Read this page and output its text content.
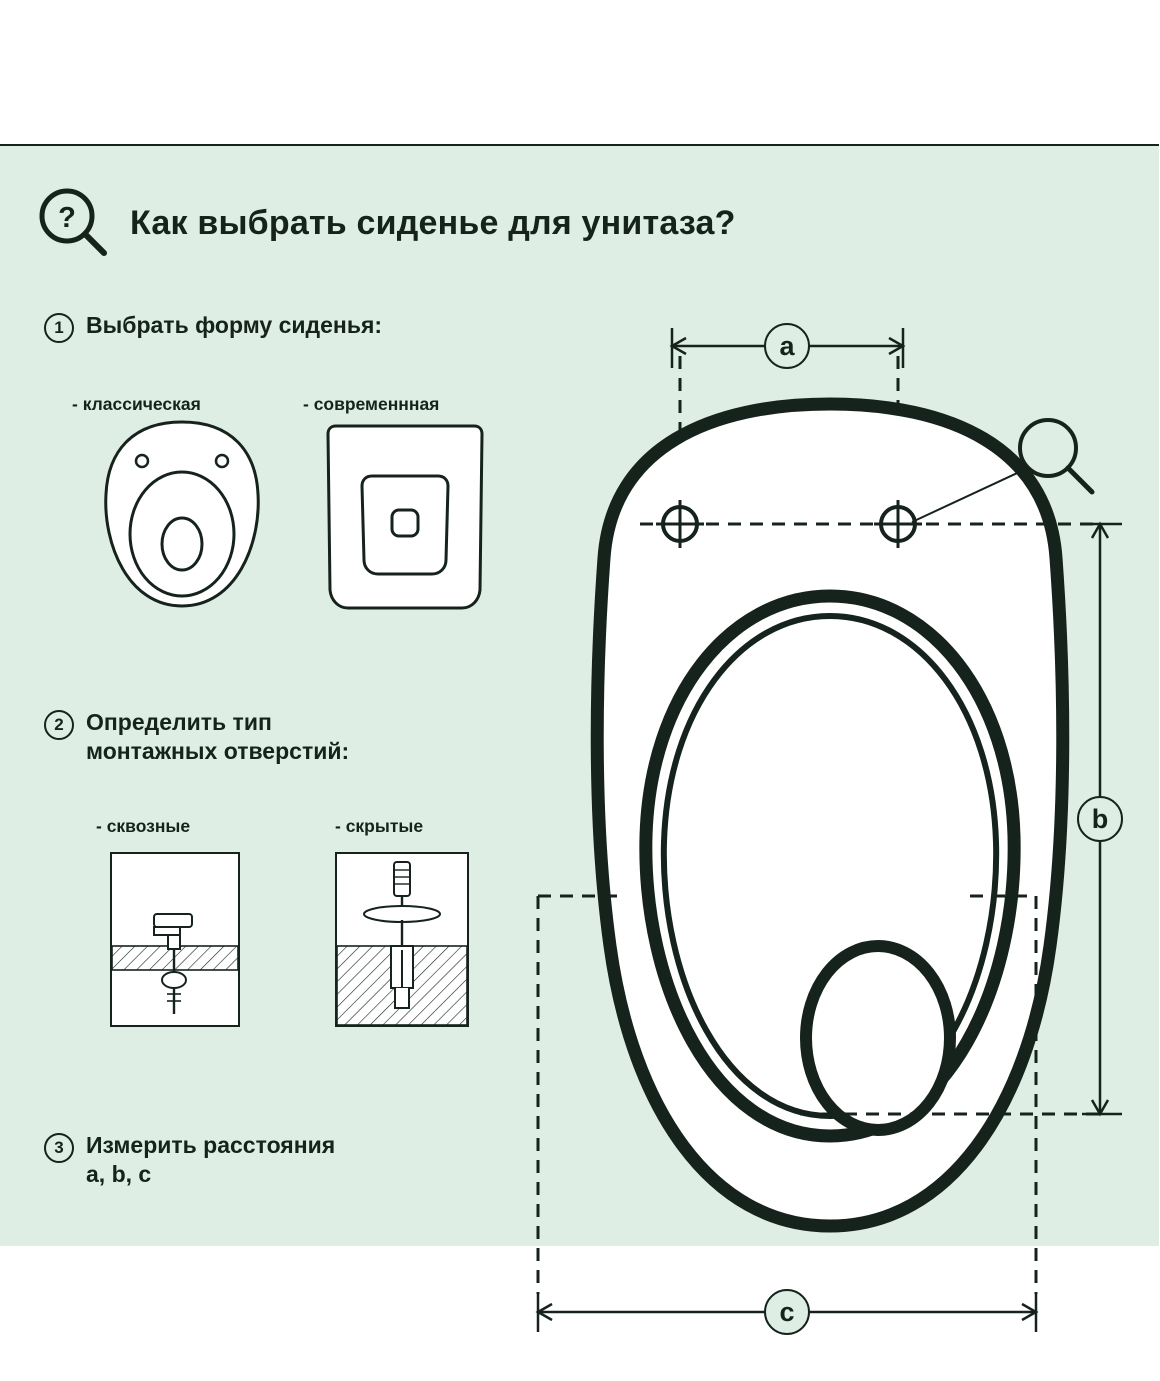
? Как выбрать сиденье для унитаза?
1 Выбрать форму сиденья:
- классическая	- современнная
2 Определить тип
монтажных отверстий:
- сквозные	- скрытые
3 Измерить расстояния
a, b, c
a
b
c
